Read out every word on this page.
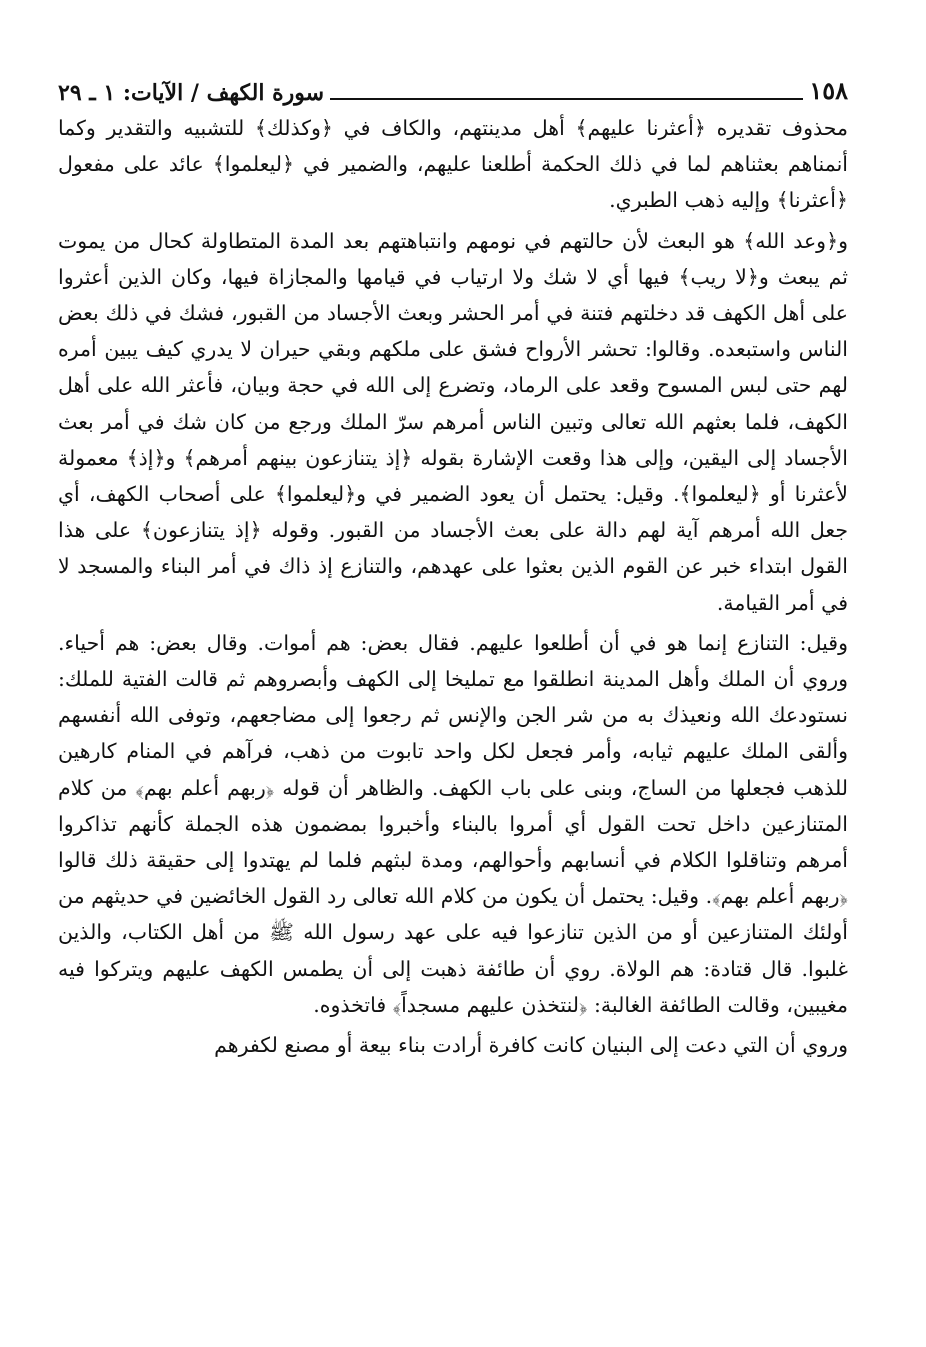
١٥٨
سورة الكهف / الآيات: ١ ـ ٢٩

محذوف تقديره ﴿أعثرنا عليهم﴾ أهل مدينتهم، والكاف في ﴿وكذلك﴾ للتشبيه والتقدير وكما أنمناهم بعثناهم لما في ذلك الحكمة أطلعنا عليهم، والضمير في ﴿ليعلموا﴾ عائد على مفعول ﴿أعثرنا﴾ وإليه ذهب الطبري.

و﴿وعد الله﴾ هو البعث لأن حالتهم في نومهم وانتباهتهم بعد المدة المتطاولة كحال من يموت ثم يبعث و﴿لا ريب﴾ فيها أي لا شك ولا ارتياب في قيامها والمجازاة فيها، وكان الذين أعثروا على أهل الكهف قد دخلتهم فتنة في أمر الحشر وبعث الأجساد من القبور، فشك في ذلك بعض الناس واستبعده. وقالوا: تحشر الأرواح فشق على ملكهم وبقي حيران لا يدري كيف يبين أمره لهم حتى لبس المسوح وقعد على الرماد، وتضرع إلى الله في حجة وبيان، فأعثر الله على أهل الكهف، فلما بعثهم الله تعالى وتبين الناس أمرهم سرّ الملك ورجع من كان شك في أمر بعث الأجساد إلى اليقين، وإلى هذا وقعت الإشارة بقوله ﴿إذ يتنازعون بينهم أمرهم﴾ و﴿إذ﴾ معمولة لأعثرنا أو ﴿ليعلموا﴾. وقيل: يحتمل أن يعود الضمير في و﴿ليعلموا﴾ على أصحاب الكهف، أي جعل الله أمرهم آية لهم دالة على بعث الأجساد من القبور. وقوله ﴿إذ يتنازعون﴾ على هذا القول ابتداء خبر عن القوم الذين بعثوا على عهدهم، والتنازع إذ ذاك في أمر البناء والمسجد لا في أمر القيامة.

وقيل: التنازع إنما هو في أن أطلعوا عليهم. فقال بعض: هم أموات. وقال بعض: هم أحياء. وروي أن الملك وأهل المدينة انطلقوا مع تمليخا إلى الكهف وأبصروهم ثم قالت الفتية للملك: نستودعك الله ونعيذك به من شر الجن والإنس ثم رجعوا إلى مضاجعهم، وتوفى الله أنفسهم وألقى الملك عليهم ثيابه، وأمر فجعل لكل واحد تابوت من ذهب، فرآهم في المنام كارهين للذهب فجعلها من الساج، وبنى على باب الكهف. والظاهر أن قوله ﴿ربهم أعلم بهم﴾ من كلام المتنازعين داخل تحت القول أي أمروا بالبناء وأخبروا بمضمون هذه الجملة كأنهم تذاكروا أمرهم وتناقلوا الكلام في أنسابهم وأحوالهم، ومدة لبثهم فلما لم يهتدوا إلى حقيقة ذلك قالوا ﴿ربهم أعلم بهم﴾. وقيل: يحتمل أن يكون من كلام الله تعالى رد القول الخائضين في حديثهم من أولئك المتنازعين أو من الذين تنازعوا فيه على عهد رسول الله ﷺ من أهل الكتاب، والذين غلبوا. قال قتادة: هم الولاة. روي أن طائفة ذهبت إلى أن يطمس الكهف عليهم ويتركوا فيه مغيبين، وقالت الطائفة الغالبة: ﴿لنتخذن عليهم مسجداً﴾ فاتخذوه.

وروي أن التي دعت إلى البنيان كانت كافرة أرادت بناء بيعة أو مصنع لكفرهم
